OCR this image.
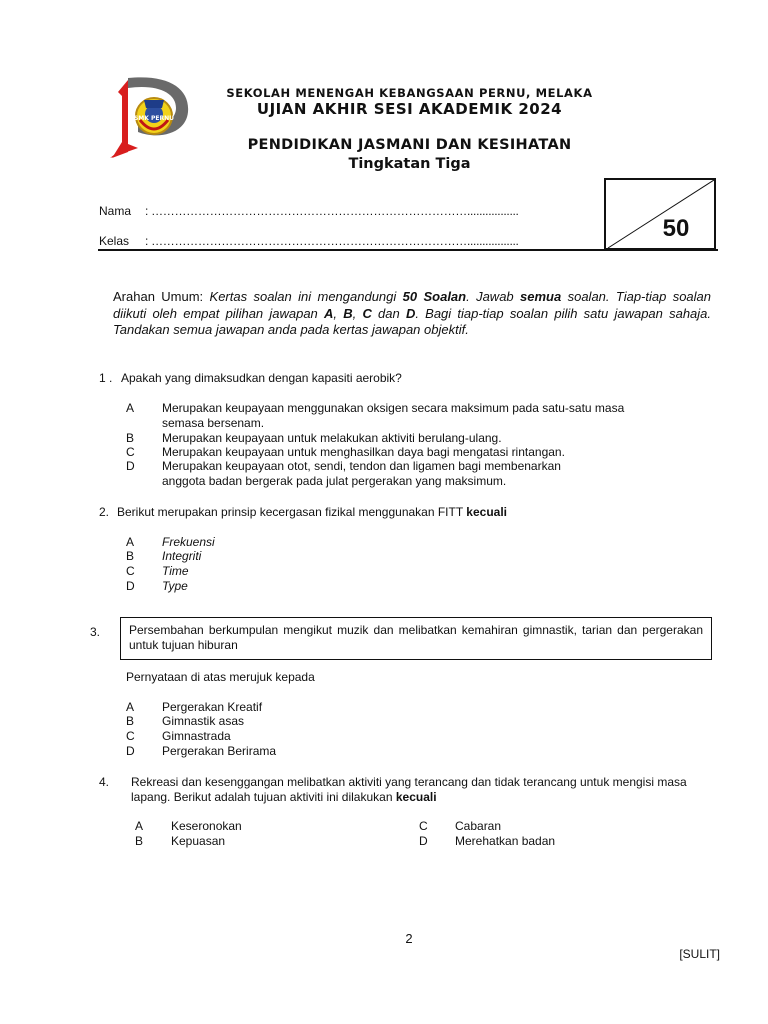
SMK PERNU
SEKOLAH MENENGAH KEBANGSAAN PERNU, MELAKA
UJIAN AKHIR SESI AKADEMIK 2024
PENDIDIKAN JASMANI DAN KESIHATAN
Tingkatan Tiga
Nama : ……………………………………………………………………….................
Kelas : ……………………………………………………………………….................	50
Arahan Umum: Kertas soalan ini mengandungi 50 Soalan. Jawab semua soalan. Tiap-tiap soalan diikuti oleh empat pilihan jawapan A, B, C dan D. Bagi tiap-tiap soalan pilih satu jawapan sahaja. Tandakan semua jawapan anda pada kertas jawapan objektif.
1 . Apakah yang dimaksudkan dengan kapasiti aerobik?
A Merupakan keupayaan menggunakan oksigen secara maksimum pada satu-satu masa semasa bersenam.
B Merupakan keupayaan untuk melakukan aktiviti berulang-ulang.
C Merupakan keupayaan untuk menghasilkan daya bagi mengatasi rintangan.
D Merupakan keupayaan otot, sendi, tendon dan ligamen bagi membenarkan anggota badan bergerak pada julat pergerakan yang maksimum.
2. Berikut merupakan prinsip kecergasan fizikal menggunakan FITT kecuali
A Frekuensi
B Integriti
C Time
D Type
3.	Persembahan berkumpulan mengikut muzik dan melibatkan kemahiran gimnastik, tarian dan pergerakan untuk tujuan hiburan
Pernyataan di atas merujuk kepada
A Pergerakan Kreatif
B Gimnastik asas
C Gimnastrada
D Pergerakan Berirama
4. Rekreasi dan kesenggangan melibatkan aktiviti yang terancang dan tidak terancang untuk mengisi masa lapang. Berikut adalah tujuan aktiviti ini dilakukan kecuali
A Keseronokan
B Kepuasan
C Cabaran
D Merehatkan badan
2
[SULIT]
